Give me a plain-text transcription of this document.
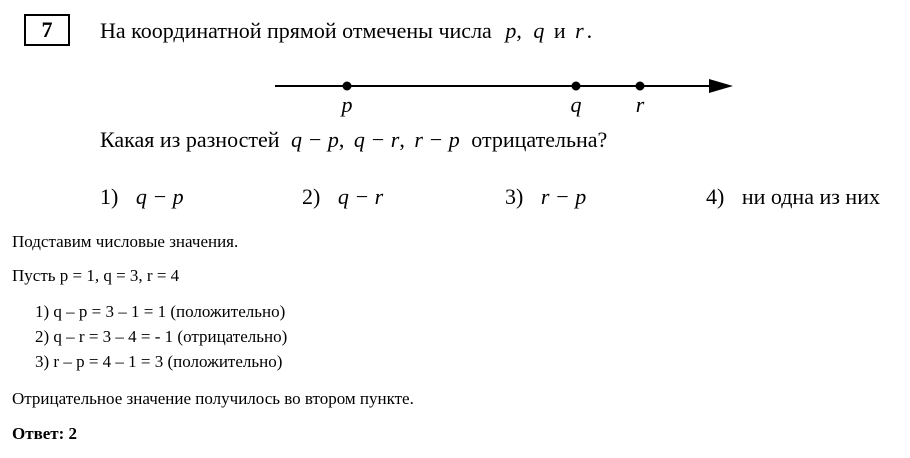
7	На координатной прямой отмечены числа p, q и r .
p	q r
Какая из разностей q − p, q − r, r − p отрицательна?
1) q − p	2) q − r	3) r − p	4) ни одна из них
Подставим числовые значения.
Пусть p = 1, q = 3, r = 4
1) q – p = 3 – 1 = 1 (положительно)
2) q – r = 3 – 4 = - 1 (отрицательно)
3) r – p = 4 – 1 = 3 (положительно)
Отрицательное значение получилось во втором пункте.
Ответ: 2
